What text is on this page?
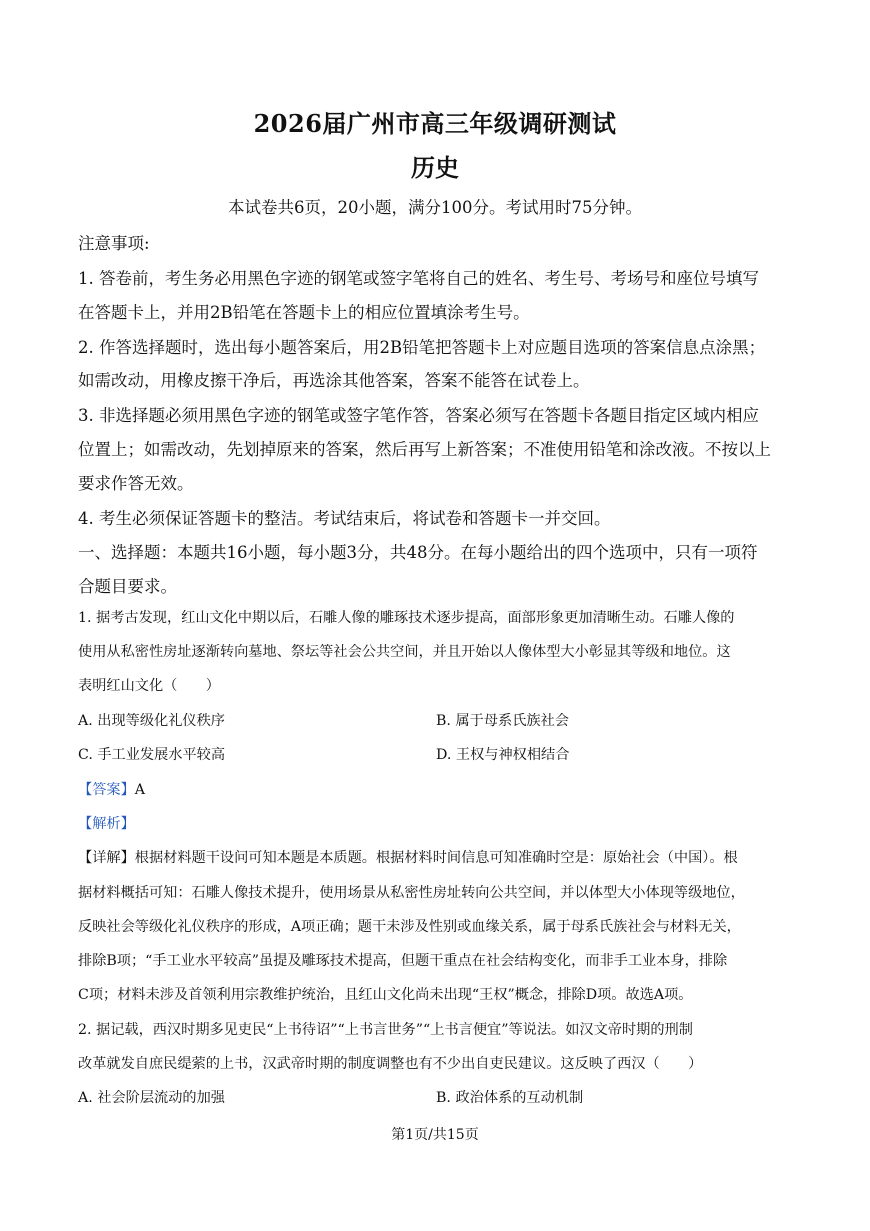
2026届广州市高三年级调研测试
历史
本试卷共6页，20小题，满分100分。考试用时75分钟。
注意事项:
1. 答卷前，考生务必用黑色字迹的钢笔或签字笔将自己的姓名、考生号、考场号和座位号填写
在答题卡上，并用2B铅笔在答题卡上的相应位置填涂考生号。
2. 作答选择题时，选出每小题答案后，用2B铅笔把答题卡上对应题目选项的答案信息点涂黑；
如需改动，用橡皮擦干净后，再选涂其他答案，答案不能答在试卷上。
3. 非选择题必须用黑色字迹的钢笔或签字笔作答，答案必须写在答题卡各题目指定区域内相应
位置上；如需改动，先划掉原来的答案，然后再写上新答案；不准使用铅笔和涂改液。不按以上
要求作答无效。
4. 考生必须保证答题卡的整洁。考试结束后，将试卷和答题卡一并交回。
一、选择题：本题共16小题，每小题3分，共48分。在每小题给出的四个选项中，只有一项符
合题目要求。
1. 据考古发现，红山文化中期以后，石雕人像的雕琢技术逐步提高，面部形象更加清晰生动。石雕人像的
使用从私密性房址逐渐转向墓地、祭坛等社会公共空间，并且开始以人像体型大小彰显其等级和地位。这
表明红山文化（　　）
A. 出现等级化礼仪秩序	B. 属于母系氏族社会
C. 手工业发展水平较高	D. 王权与神权相结合
【答案】A
【解析】
【详解】根据材料题干设问可知本题是本质题。根据材料时间信息可知准确时空是：原始社会（中国）。根
据材料概括可知：石雕人像技术提升，使用场景从私密性房址转向公共空间，并以体型大小体现等级地位，
反映社会等级化礼仪秩序的形成，A项正确；题干未涉及性别或血缘关系，属于母系氏族社会与材料无关，
排除B项；“手工业水平较高”虽提及雕琢技术提高，但题干重点在社会结构变化，而非手工业本身，排除
C项；材料未涉及首领利用宗教维护统治，且红山文化尚未出现“王权”概念，排除D项。故选A项。
2. 据记载，西汉时期多见吏民“上书待诏”“上书言世务”“上书言便宜”等说法。如汉文帝时期的刑制
改革就发自庶民缇萦的上书，汉武帝时期的制度调整也有不少出自吏民建议。这反映了西汉（　　）
A. 社会阶层流动的加强	B. 政治体系的互动机制
第1页/共15页
